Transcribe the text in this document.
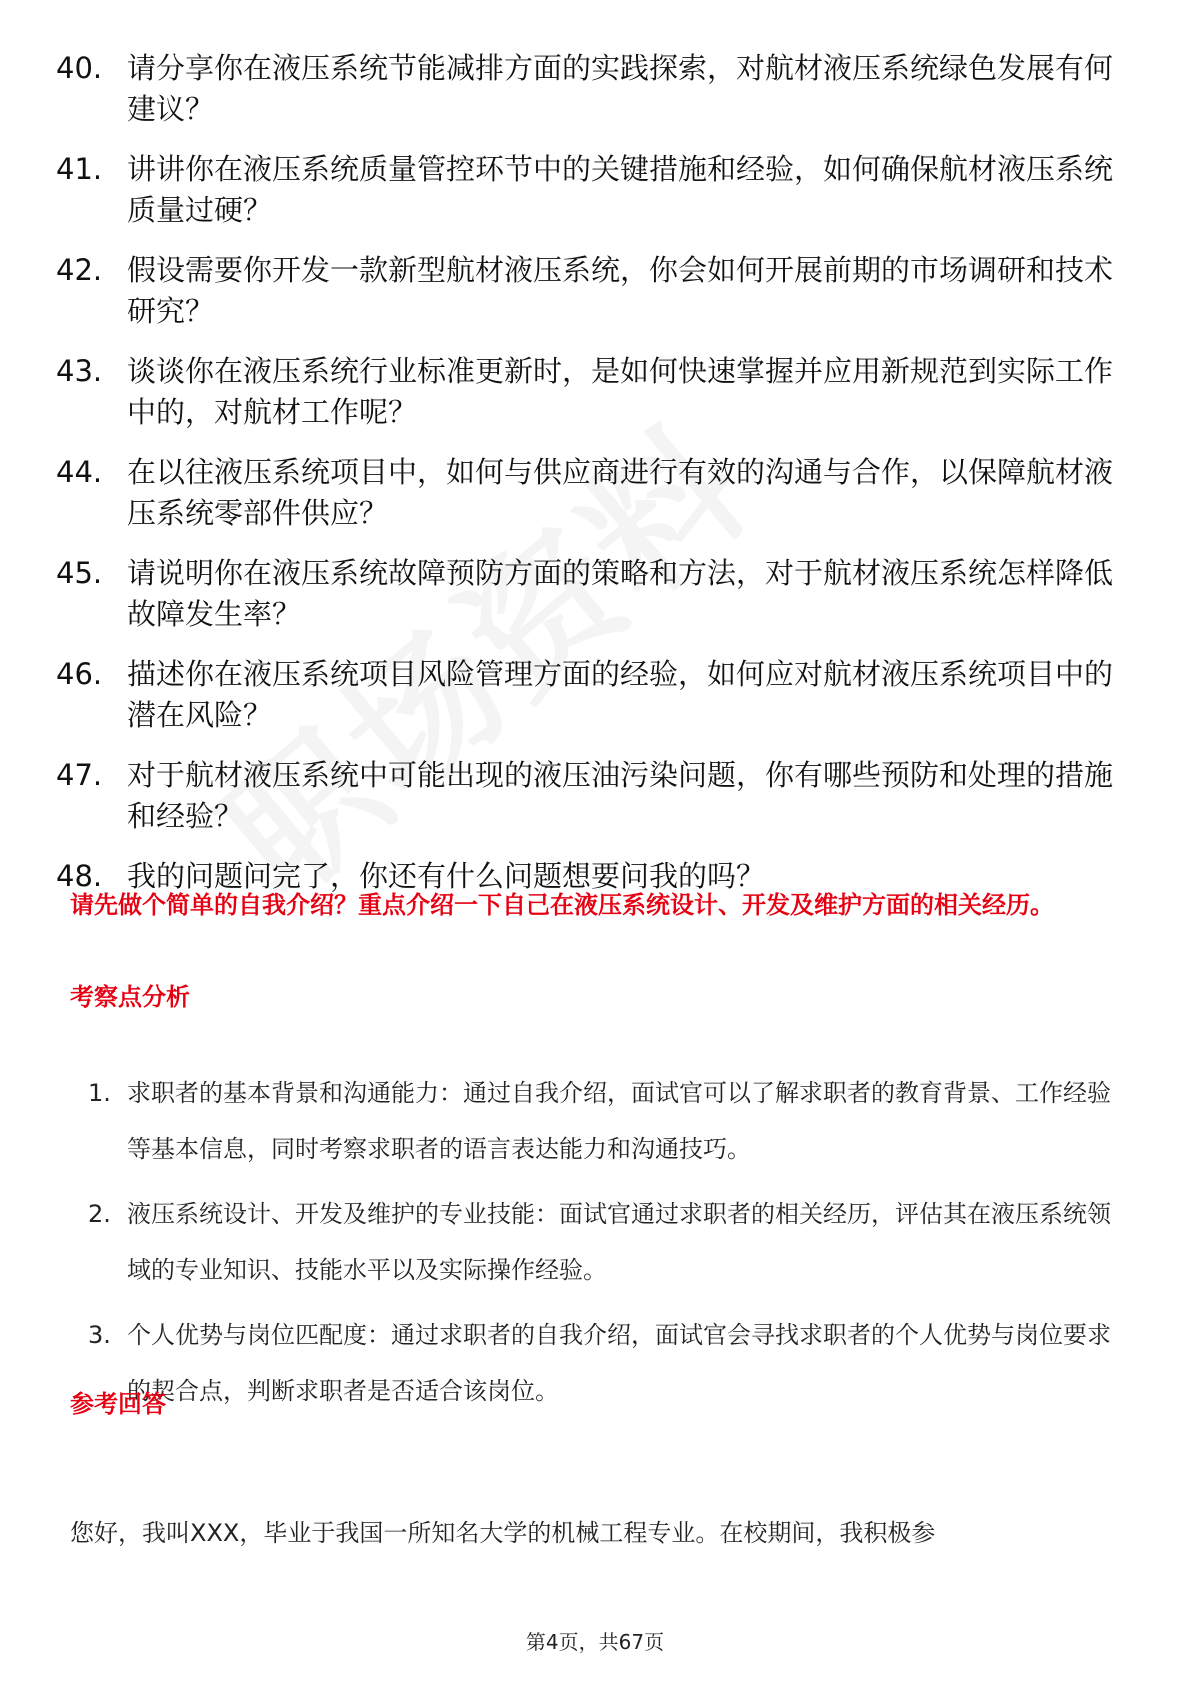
40. 请分享你在液压系统节能减排方面的实践探索，对航材液压系统绿色发展有何建议？
41. 讲讲你在液压系统质量管控环节中的关键措施和经验，如何确保航材液压系统质量过硬？
42. 假设需要你开发一款新型航材液压系统，你会如何开展前期的市场调研和技术研究？
43. 谈谈你在液压系统行业标准更新时，是如何快速掌握并应用新规范到实际工作中的，对航材工作呢？
44. 在以往液压系统项目中，如何与供应商进行有效的沟通与合作，以保障航材液压系统零部件供应？
45. 请说明你在液压系统故障预防方面的策略和方法，对于航材液压系统怎样降低故障发生率？
46. 描述你在液压系统项目风险管理方面的经验，如何应对航材液压系统项目中的潜在风险？
47. 对于航材液压系统中可能出现的液压油污染问题，你有哪些预防和处理的措施和经验？
48. 我的问题问完了，你还有什么问题想要问我的吗？
请先做个简单的自我介绍？重点介绍一下自己在液压系统设计、开发及维护方面的相关经历。
考察点分析
1. 求职者的基本背景和沟通能力：通过自我介绍，面试官可以了解求职者的教育背景、工作经验等基本信息，同时考察求职者的语言表达能力和沟通技巧。
2. 液压系统设计、开发及维护的专业技能：面试官通过求职者的相关经历，评估其在液压系统领域的专业知识、技能水平以及实际操作经验。
3. 个人优势与岗位匹配度：通过求职者的自我介绍，面试官会寻找求职者的个人优势与岗位要求的契合点，判断求职者是否适合该岗位。
参考回答
您好，我叫XXX，毕业于我国一所知名大学的机械工程专业。在校期间，我积极参
第4页，共67页
